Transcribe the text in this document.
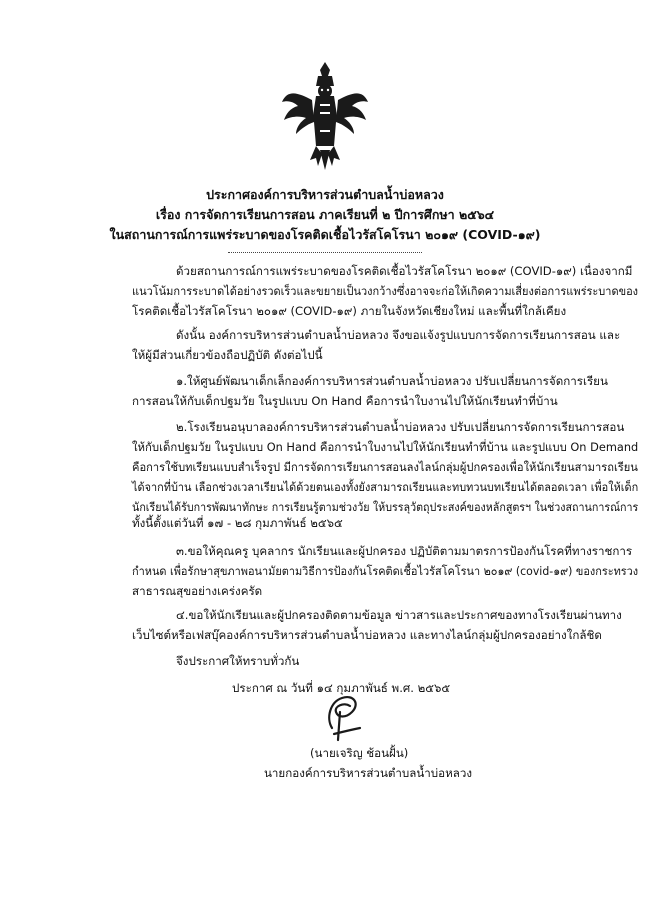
ประกาศองค์การบริหารส่วนตำบลน้ำบ่อหลวง
เรื่อง การจัดการเรียนการสอน ภาคเรียนที่ ๒ ปีการศึกษา ๒๕๖๔
ในสถานการณ์การแพร่ระบาดของโรคติดเชื้อไวรัสโคโรนา ๒๐๑๙ (COVID-๑๙)
ด้วยสถานการณ์การแพร่ระบาดของโรคติดเชื้อไวรัสโคโรนา ๒๐๑๙ (COVID-๑๙) เนื่องจากมี
แนวโน้มการระบาดได้อย่างรวดเร็วและขยายเป็นวงกว้างซึ่งอาจจะก่อให้เกิดความเสี่ยงต่อการแพร่ระบาดของ
โรคติดเชื้อไวรัสโคโรนา ๒๐๑๙ (COVID-๑๙) ภายในจังหวัดเชียงใหม่ และพื้นที่ใกล้เคียง
ดังนั้น องค์การบริหารส่วนตำบลน้ำบ่อหลวง จึงขอแจ้งรูปแบบการจัดการเรียนการสอน และ
ให้ผู้มีส่วนเกี่ยวข้องถือปฏิบัติ ดังต่อไปนี้
๑.ให้ศูนย์พัฒนาเด็กเล็กองค์การบริหารส่วนตำบลน้ำบ่อหลวง ปรับเปลี่ยนการจัดการเรียน
การสอนให้กับเด็กปฐมวัย ในรูปแบบ On Hand คือการนำใบงานไปให้นักเรียนทำที่บ้าน
๒.โรงเรียนอนุบาลองค์การบริหารส่วนตำบลน้ำบ่อหลวง ปรับเปลี่ยนการจัดการเรียนการสอน
ให้กับเด็กปฐมวัย ในรูปแบบ On Hand คือการนำใบงานไปให้นักเรียนทำที่บ้าน และรูปแบบ On Demand
คือการใช้บทเรียนแบบสำเร็จรูป มีการจัดการเรียนการสอนลงไลน์กลุ่มผู้ปกครองเพื่อให้นักเรียนสามารถเรียน
ได้จากที่บ้าน เลือกช่วงเวลาเรียนได้ด้วยตนเองทั้งยังสามารถเรียนและทบทวนบทเรียนได้ตลอดเวลา เพื่อให้เด็ก
นักเรียนได้รับการพัฒนาทักษะ การเรียนรู้ตามช่วงวัย ให้บรรลุวัตถุประสงค์ของหลักสูตรฯ ในช่วงสถานการณ์การ
ทั้งนี้ตั้งแต่วันที่ ๑๗ - ๒๘ กุมภาพันธ์ ๒๕๖๕
๓.ขอให้คุณครู บุคลากร นักเรียนและผู้ปกครอง ปฏิบัติตามมาตรการป้องกันโรคที่ทางราชการ
กำหนด เพื่อรักษาสุขภาพอนามัยตามวิธีการป้องกันโรคติดเชื้อไวรัสโคโรนา ๒๐๑๙ (covid-๑๙) ของกระทรวง
สาธารณสุขอย่างเคร่งครัด
๔.ขอให้นักเรียนและผู้ปกครองติดตามข้อมูล ข่าวสารและประกาศของทางโรงเรียนผ่านทาง
เว็บไซต์หรือเฟสบุ๊คองค์การบริหารส่วนตำบลน้ำบ่อหลวง และทางไลน์กลุ่มผู้ปกครองอย่างใกล้ชิด
จึงประกาศให้ทราบทั่วกัน
ประกาศ ณ วันที่ ๑๔ กุมภาพันธ์ พ.ศ. ๒๕๖๕
(นายเจริญ ช้อนฝั้น)
นายกองค์การบริหารส่วนตำบลน้ำบ่อหลวง
